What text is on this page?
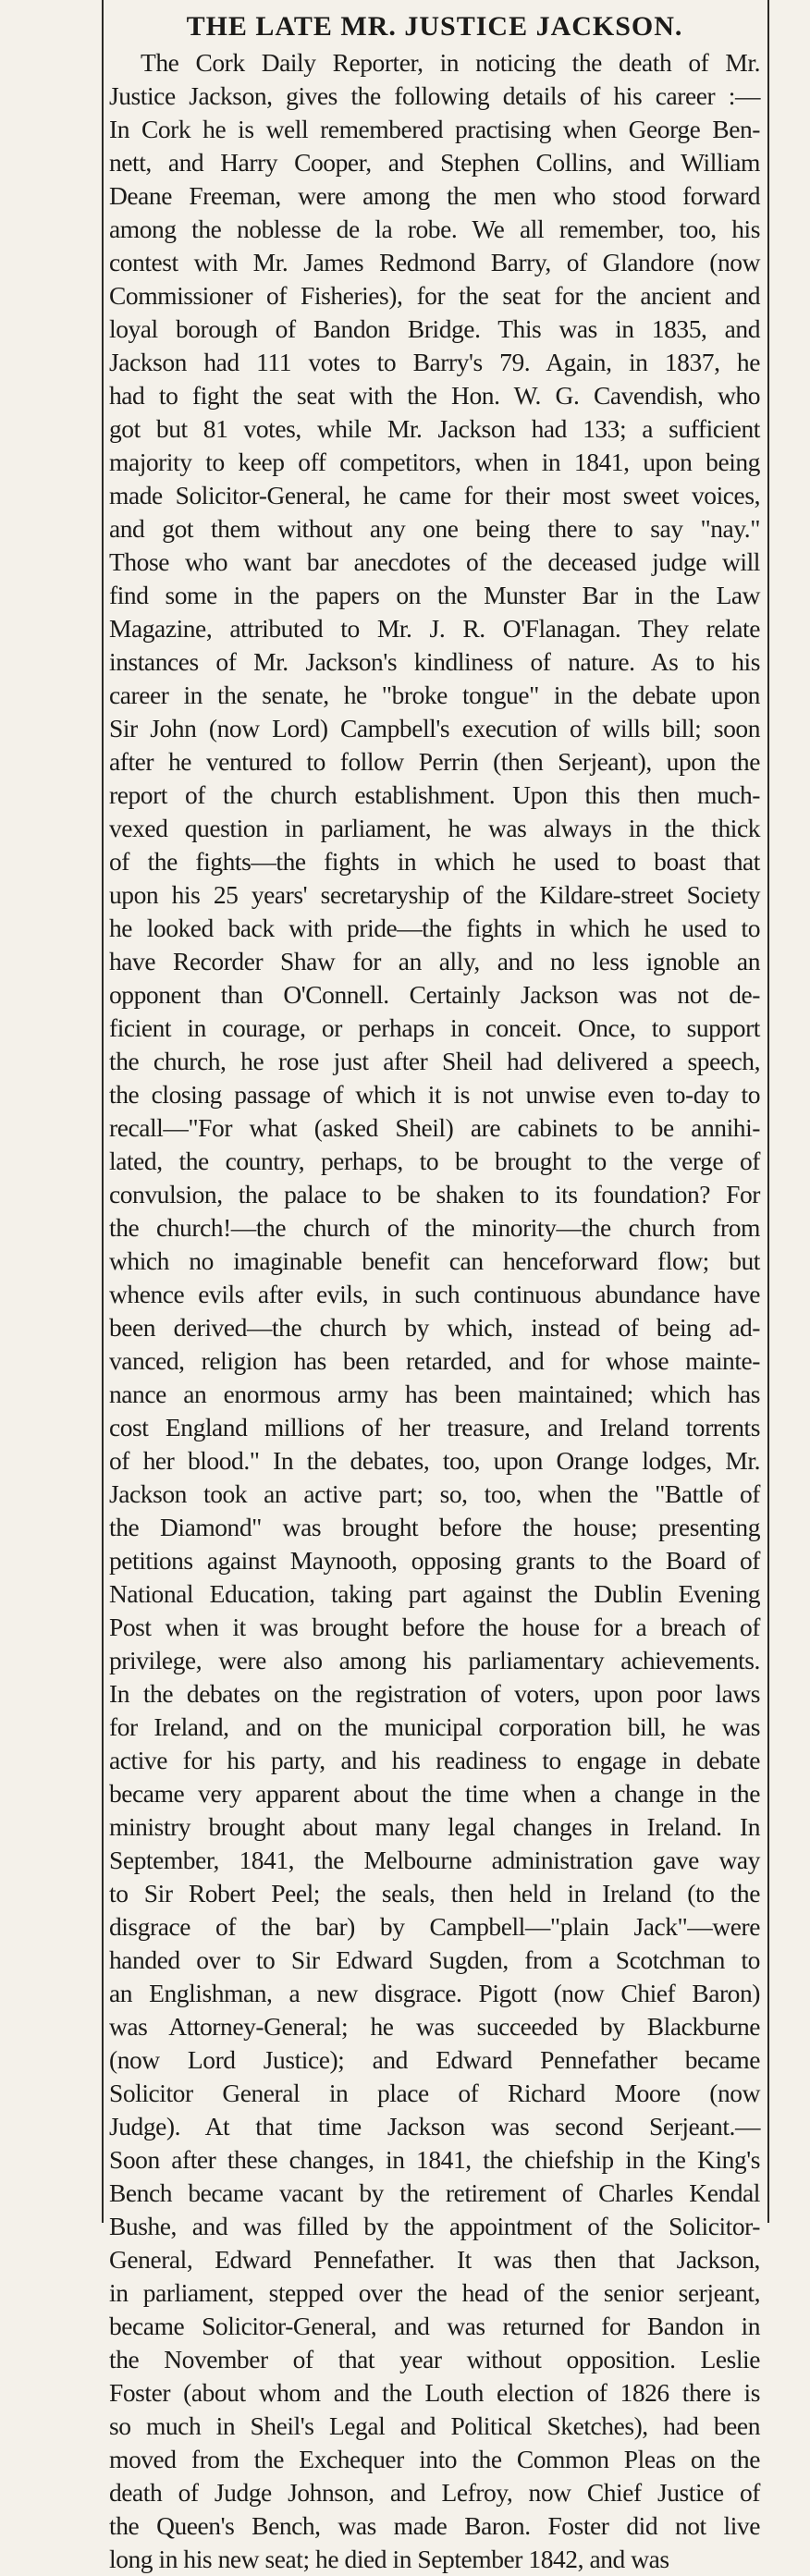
THE LATE MR. JUSTICE JACKSON.
The Cork Daily Reporter, in noticing the death of Mr.
Justice Jackson, gives the following details of his career :—
In Cork he is well remembered practising when George Ben-
nett, and Harry Cooper, and Stephen Collins, and William
Deane Freeman, were among the men who stood forward
among the noblesse de la robe. We all remember, too, his
contest with Mr. James Redmond Barry, of Glandore (now
Commissioner of Fisheries), for the seat for the ancient and
loyal borough of Bandon Bridge. This was in 1835, and
Jackson had 111 votes to Barry's 79. Again, in 1837, he
had to fight the seat with the Hon. W. G. Cavendish, who
got but 81 votes, while Mr. Jackson had 133; a sufficient
majority to keep off competitors, when in 1841, upon being
made Solicitor-General, he came for their most sweet voices,
and got them without any one being there to say "nay."
Those who want bar anecdotes of the deceased judge will
find some in the papers on the Munster Bar in the Law
Magazine, attributed to Mr. J. R. O'Flanagan. They relate
instances of Mr. Jackson's kindliness of nature. As to his
career in the senate, he "broke tongue" in the debate upon
Sir John (now Lord) Campbell's execution of wills bill; soon
after he ventured to follow Perrin (then Serjeant), upon the
report of the church establishment. Upon this then much-
vexed question in parliament, he was always in the thick
of the fights—the fights in which he used to boast that
upon his 25 years' secretaryship of the Kildare-street Society
he looked back with pride—the fights in which he used to
have Recorder Shaw for an ally, and no less ignoble an
opponent than O'Connell. Certainly Jackson was not de-
ficient in courage, or perhaps in conceit. Once, to support
the church, he rose just after Sheil had delivered a speech,
the closing passage of which it is not unwise even to-day to
recall—"For what (asked Sheil) are cabinets to be annihi-
lated, the country, perhaps, to be brought to the verge of
convulsion, the palace to be shaken to its foundation? For
the church!—the church of the minority—the church from
which no imaginable benefit can henceforward flow; but
whence evils after evils, in such continuous abundance have
been derived—the church by which, instead of being ad-
vanced, religion has been retarded, and for whose mainte-
nance an enormous army has been maintained; which has
cost England millions of her treasure, and Ireland torrents
of her blood." In the debates, too, upon Orange lodges, Mr.
Jackson took an active part; so, too, when the "Battle of
the Diamond" was brought before the house; presenting
petitions against Maynooth, opposing grants to the Board of
National Education, taking part against the Dublin Evening
Post when it was brought before the house for a breach of
privilege, were also among his parliamentary achievements.
In the debates on the registration of voters, upon poor laws
for Ireland, and on the municipal corporation bill, he was
active for his party, and his readiness to engage in debate
became very apparent about the time when a change in the
ministry brought about many legal changes in Ireland. In
September, 1841, the Melbourne administration gave way
to Sir Robert Peel; the seals, then held in Ireland (to the
disgrace of the bar) by Campbell—"plain Jack"—were
handed over to Sir Edward Sugden, from a Scotchman to
an Englishman, a new disgrace. Pigott (now Chief Baron)
was Attorney-General; he was succeeded by Blackburne
(now Lord Justice); and Edward Pennefather became
Solicitor General in place of Richard Moore (now
Judge). At that time Jackson was second Serjeant.—
Soon after these changes, in 1841, the chiefship in the King's
Bench became vacant by the retirement of Charles Kendal
Bushe, and was filled by the appointment of the Solicitor-
General, Edward Pennefather. It was then that Jackson,
in parliament, stepped over the head of the senior serjeant,
became Solicitor-General, and was returned for Bandon in
the November of that year without opposition. Leslie
Foster (about whom and the Louth election of 1826 there is
so much in Sheil's Legal and Political Sketches), had been
moved from the Exchequer into the Common Pleas on the
death of Judge Johnson, and Lefroy, now Chief Justice of
the Queen's Bench, was made Baron. Foster did not live
long in his new seat; he died in September 1842, and was
